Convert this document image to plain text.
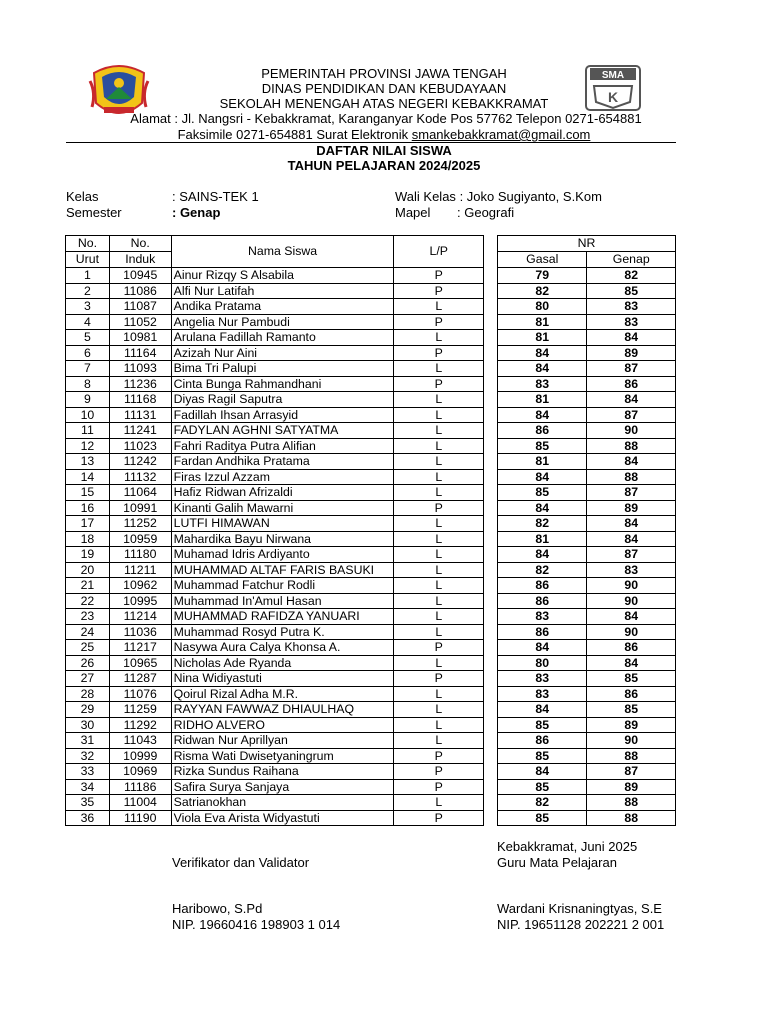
SMA
K
PEMERINTAH PROVINSI JAWA TENGAH
DINAS PENDIDIKAN DAN KEBUDAYAAN
SEKOLAH MENENGAH ATAS NEGERI KEBAKKRAMAT
Alamat : Jl. Nangsri - Kebakkramat, Karanganyar Kode Pos 57762 Telepon 0271-654881
Faksimile 0271-654881 Surat Elektronik smankebakkramat@gmail.com
DAFTAR NILAI SISWA
TAHUN PELAJARAN 2024/2025
Kelas	: SAINS-TEK 1
Semester	: Genap
Wali Kelas : Joko Sugiyanto, S.Kom
Mapel : Geografi
No.	No.	Nama Siswa	L/P
Urut	Induk		
1	10945	Ainur Rizqy S Alsabila	P
2	11086	Alfi Nur Latifah	P
3	11087	Andika Pratama	L
4	11052	Angelia Nur Pambudi	P
5	10981	Arulana Fadillah Ramanto	L
6	11164	Azizah Nur Aini	P
7	11093	Bima Tri Palupi	L
8	11236	Cinta Bunga Rahmandhani	P
9	11168	Diyas Ragil Saputra	L
10	11131	Fadillah Ihsan Arrasyid	L
11	11241	FADYLAN AGHNI SATYATMA	L
12	11023	Fahri Raditya Putra Alifian	L
13	11242	Fardan Andhika Pratama	L
14	11132	Firas Izzul Azzam	L
15	11064	Hafiz Ridwan Afrizaldi	L
16	10991	Kinanti Galih Mawarni	P
17	11252	LUTFI HIMAWAN	L
18	10959	Mahardika Bayu Nirwana	L
19	11180	Muhamad Idris Ardiyanto	L
20	11211	MUHAMMAD ALTAF FARIS BASUKI	L
21	10962	Muhammad Fatchur Rodli	L
22	10995	Muhammad In'Amul Hasan	L
23	11214	MUHAMMAD RAFIDZA YANUARI	L
24	11036	Muhammad Rosyd Putra K.	L
25	11217	Nasywa Aura Calya Khonsa A.	P
26	10965	Nicholas Ade Ryanda	L
27	11287	Nina Widiyastuti	P
28	11076	Qoirul Rizal Adha M.R.	L
29	11259	RAYYAN FAWWAZ DHIAULHAQ	L
30	11292	RIDHO ALVERO	L
31	11043	Ridwan Nur Aprillyan	L
32	10999	Risma Wati Dwisetyaningrum	P
33	10969	Rizka Sundus Raihana	P
34	11186	Safira Surya Sanjaya	P
35	11004	Satrianokhan	L
36	11190	Viola Eva Arista Widyastuti	P
NR	
Gasal	Genap
79	82
82	85
80	83
81	83
81	84
84	89
84	87
83	86
81	84
84	87
86	90
85	88
81	84
84	88
85	87
84	89
82	84
81	84
84	87
82	83
86	90
86	90
83	84
86	90
84	86
80	84
83	85
83	86
84	85
85	89
86	90
85	88
84	87
85	89
82	88
85	88
Kebakkramat, Juni 2025
Verifikator dan Validator	Guru Mata Pelajaran
Haribowo, S.Pd
NIP. 19660416 198903 1 014
Wardani Krisnaningtyas, S.E
NIP. 19651128 202221 2 001
